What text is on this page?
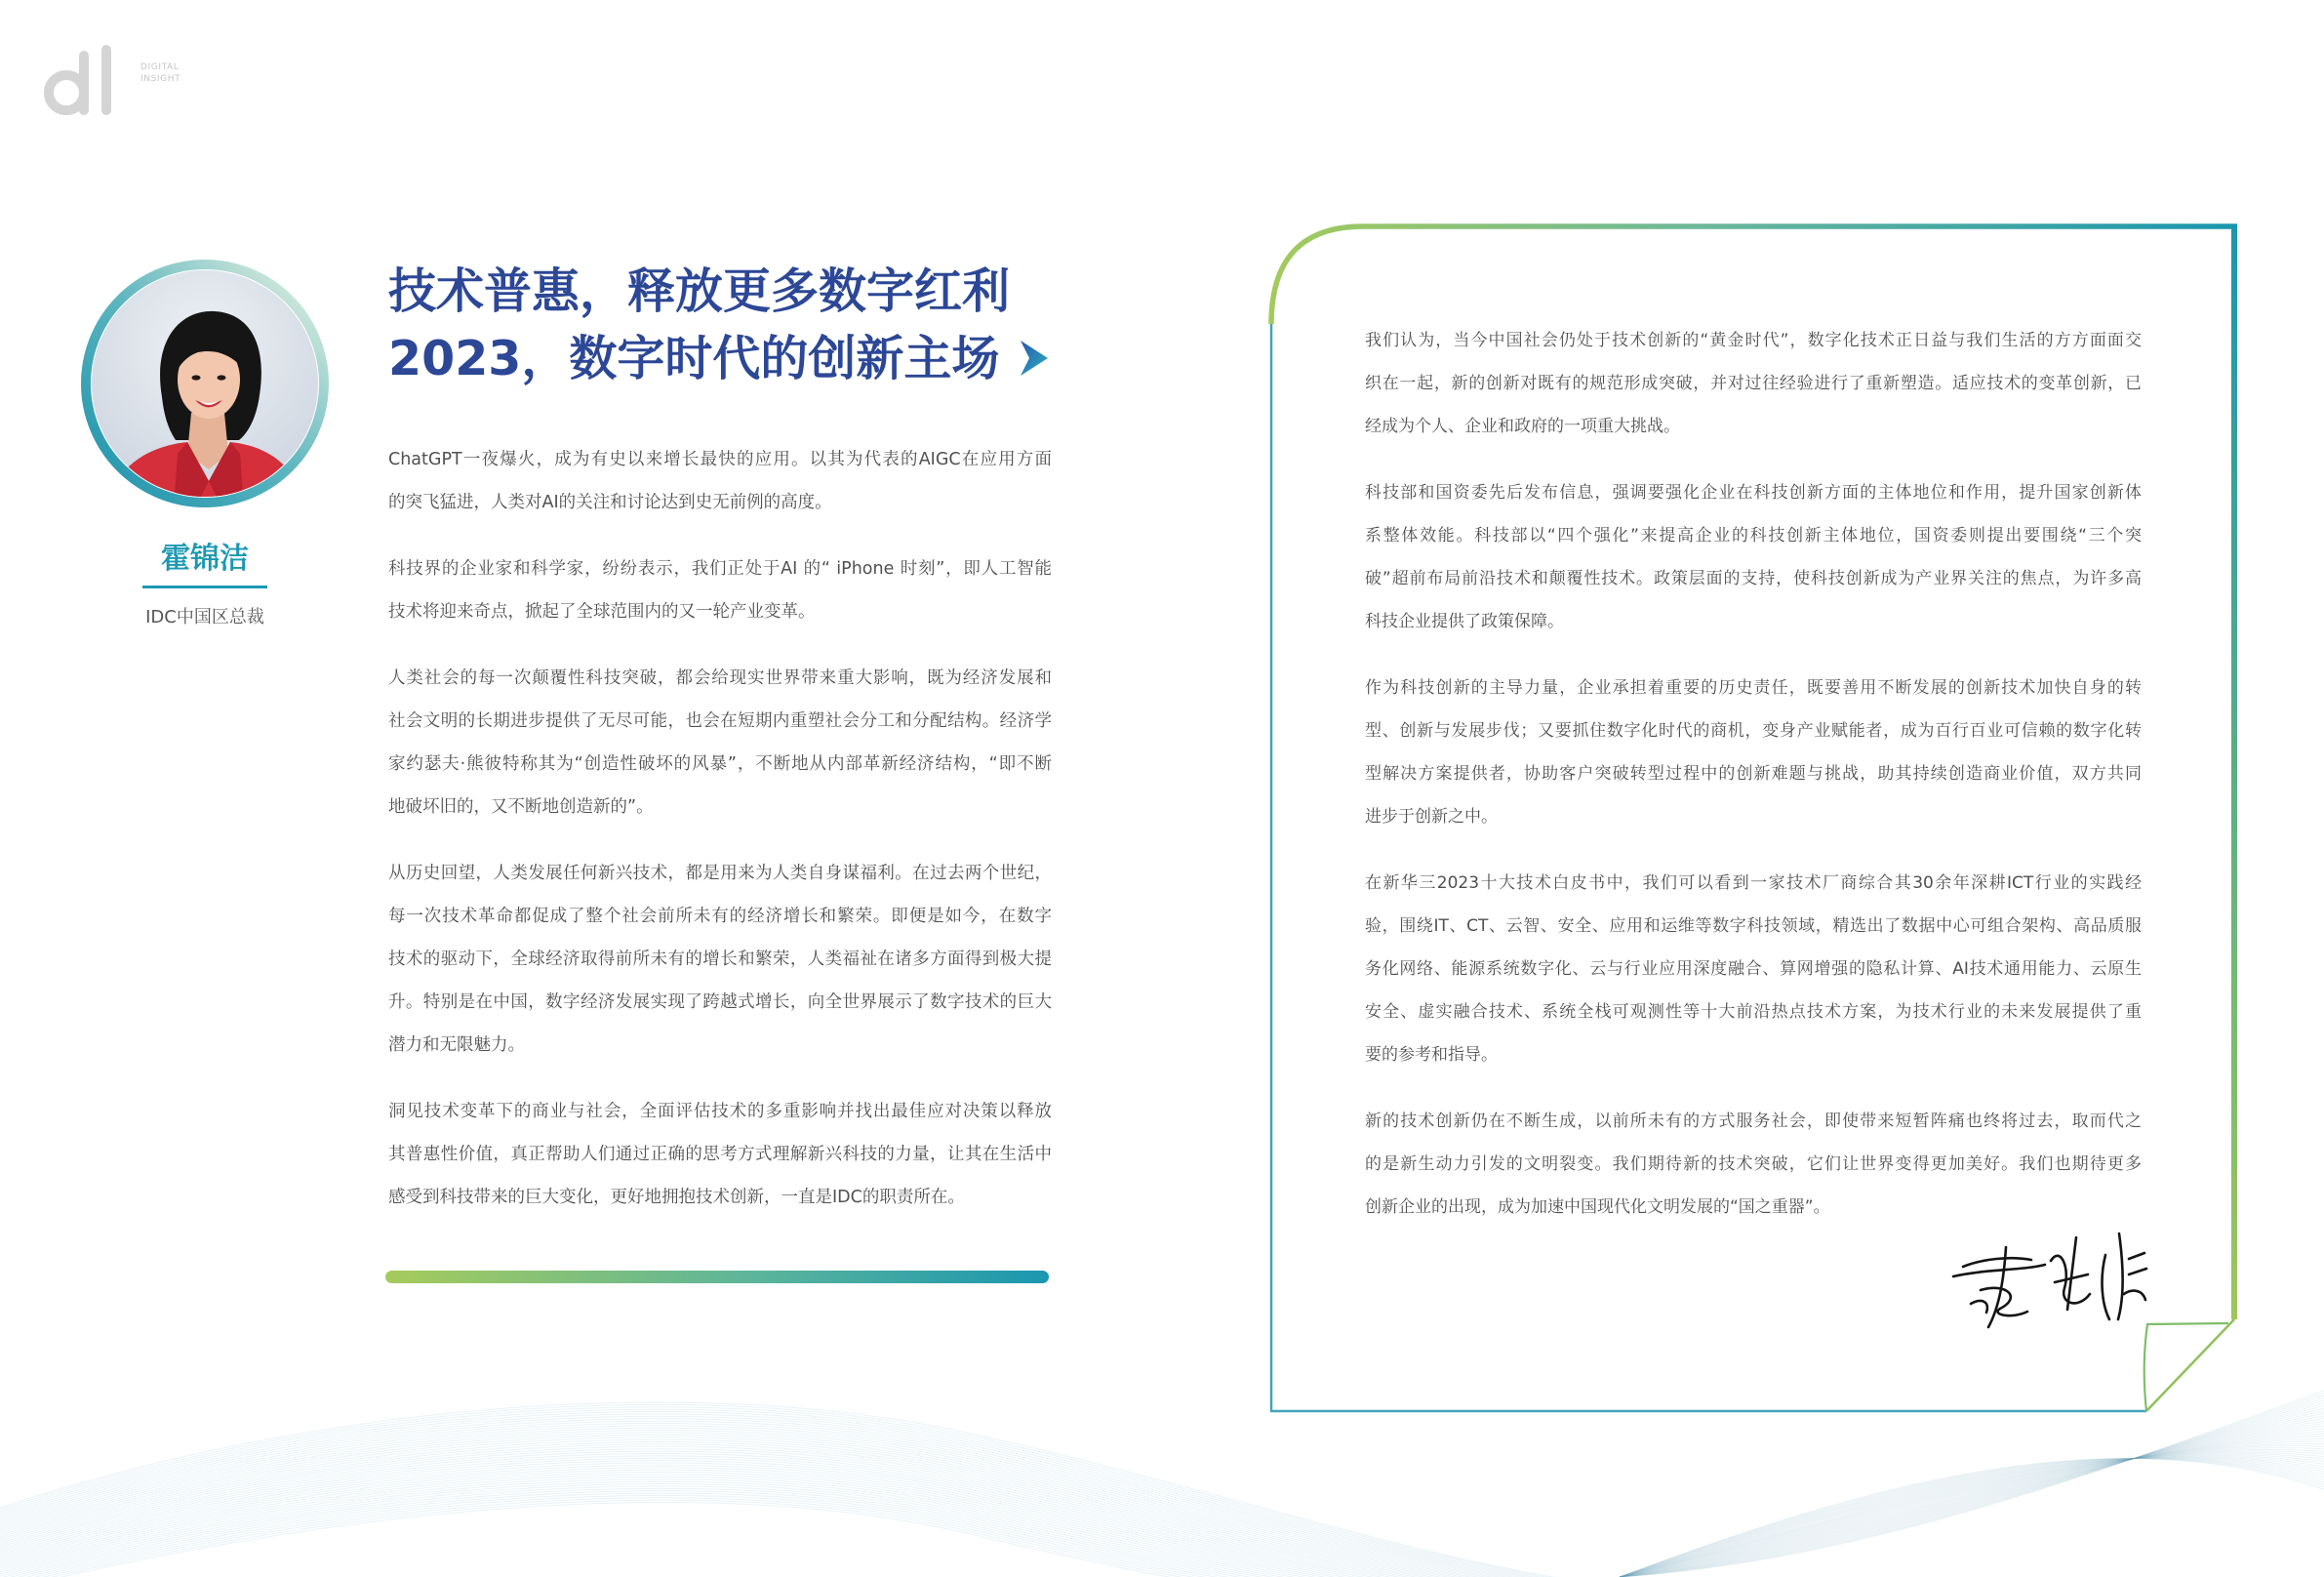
DIGITAL
INSIGHT
霍锦洁
IDC中国区总裁
技术普惠，释放更多数字红利
2023，数字时代的创新主场

ChatGPT一夜爆火，成为有史以来增长最快的应用。以其为代表的AIGC在应用方面
的突飞猛进，人类对AI的关注和讨论达到史无前例的高度。

科技界的企业家和科学家，纷纷表示，我们正处于AI 的“ iPhone 时刻”，即人工智能
技术将迎来奇点，掀起了全球范围内的又一轮产业变革。

人类社会的每一次颠覆性科技突破，都会给现实世界带来重大影响，既为经济发展和
社会文明的长期进步提供了无尽可能，也会在短期内重塑社会分工和分配结构。经济学
家约瑟夫·熊彼特称其为“创造性破坏的风暴”，不断地从内部革新经济结构，“即不断
地破坏旧的，又不断地创造新的”。

从历史回望，人类发展任何新兴技术，都是用来为人类自身谋福利。在过去两个世纪，
每一次技术革命都促成了整个社会前所未有的经济增长和繁荣。即便是如今，在数字
技术的驱动下，全球经济取得前所未有的增长和繁荣，人类福祉在诸多方面得到极大提
升。特别是在中国，数字经济发展实现了跨越式增长，向全世界展示了数字技术的巨大
潜力和无限魅力。

洞见技术变革下的商业与社会，全面评估技术的多重影响并找出最佳应对决策以释放
其普惠性价值，真正帮助人们通过正确的思考方式理解新兴科技的力量，让其在生活中
感受到科技带来的巨大变化，更好地拥抱技术创新，一直是IDC的职责所在。

我们认为，当今中国社会仍处于技术创新的“黄金时代”，数字化技术正日益与我们生活的方方面面交
织在一起，新的创新对既有的规范形成突破，并对过往经验进行了重新塑造。适应技术的变革创新，已
经成为个人、企业和政府的一项重大挑战。

科技部和国资委先后发布信息，强调要强化企业在科技创新方面的主体地位和作用，提升国家创新体
系整体效能。科技部以“四个强化”来提高企业的科技创新主体地位，国资委则提出要围绕“三个突
破”超前布局前沿技术和颠覆性技术。政策层面的支持，使科技创新成为产业界关注的焦点，为许多高
科技企业提供了政策保障。

作为科技创新的主导力量，企业承担着重要的历史责任，既要善用不断发展的创新技术加快自身的转
型、创新与发展步伐；又要抓住数字化时代的商机，变身产业赋能者，成为百行百业可信赖的数字化转
型解决方案提供者，协助客户突破转型过程中的创新难题与挑战，助其持续创造商业价值，双方共同
进步于创新之中。

在新华三2023十大技术白皮书中，我们可以看到一家技术厂商综合其30余年深耕ICT行业的实践经
验，围绕IT、CT、云智、安全、应用和运维等数字科技领域，精选出了数据中心可组合架构、高品质服
务化网络、能源系统数字化、云与行业应用深度融合、算网增强的隐私计算、AI技术通用能力、云原生
安全、虚实融合技术、系统全栈可观测性等十大前沿热点技术方案，为技术行业的未来发展提供了重
要的参考和指导。

新的技术创新仍在不断生成，以前所未有的方式服务社会，即使带来短暂阵痛也终将过去，取而代之
的是新生动力引发的文明裂变。我们期待新的技术突破，它们让世界变得更加美好。我们也期待更多
创新企业的出现，成为加速中国现代化文明发展的“国之重器”。
